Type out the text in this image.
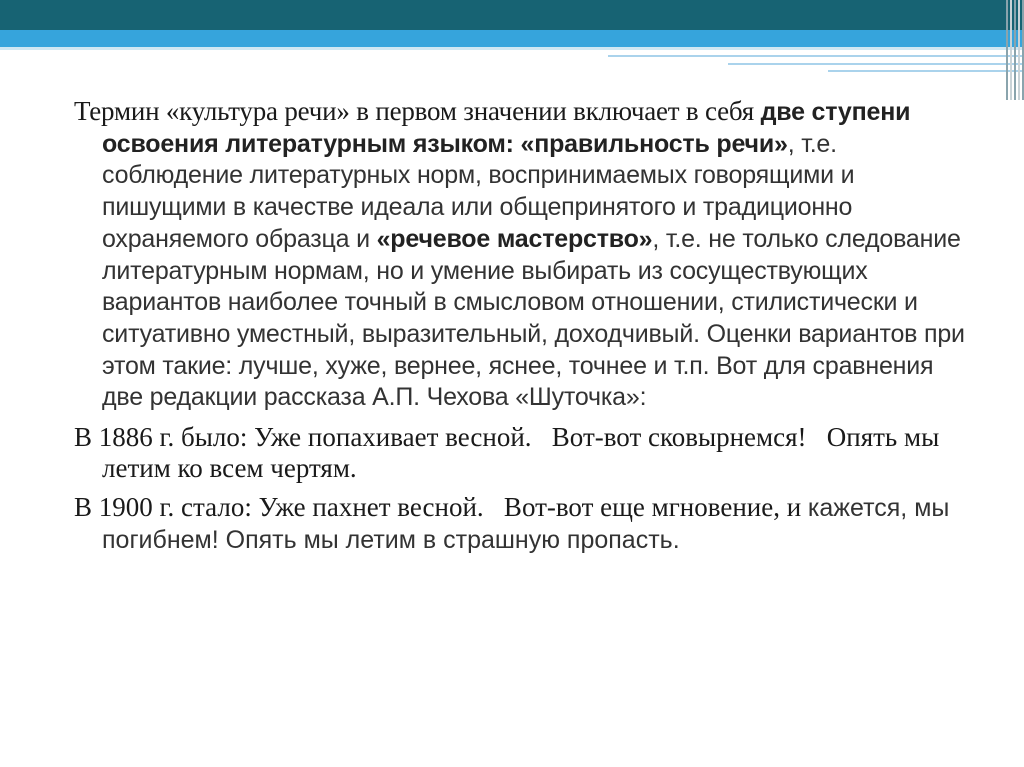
Термин «культура речи» в первом значении включает в себя две ступени освоения литературным языком: «правильность речи», т.е. соблюдение литературных норм, воспринимаемых говорящими и пишущими в качестве идеала или общепринятого и традиционно охраняемого образца и «речевое мастерство», т.е. не только следование литературным нормам, но и умение выбирать из сосуществующих вариантов наиболее точный в смысловом отношении, стилистически и ситуативно уместный, выразительный, доходчивый. Оценки вариантов при этом такие: лучше, хуже, вернее, яснее, точнее и т.п. Вот для сравнения две редакции рассказа А.П. Чехова «Шуточка»:

В 1886 г. было: Уже попахивает весной.   Вот-вот сковырнемся!   Опять мы летим ко всем чертям.

В 1900 г. стало: Уже пахнет весной.   Вот-вот еще мгновение, и кажется, мы погибнем! Опять мы летим в страшную пропасть.
